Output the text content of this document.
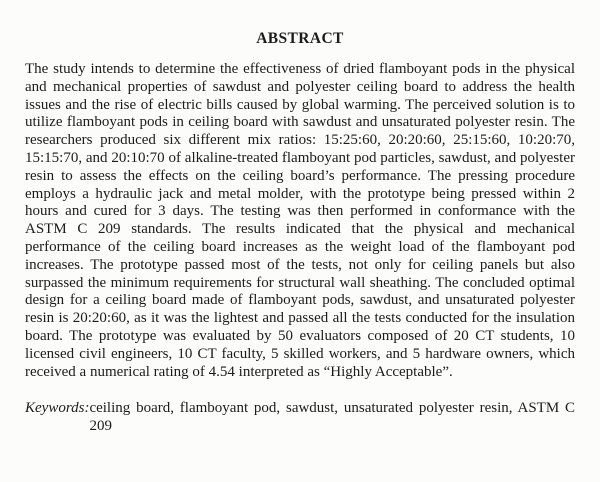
ABSTRACT

The study intends to determine the effectiveness of dried flamboyant pods in the physical and mechanical properties of sawdust and polyester ceiling board to address the health issues and the rise of electric bills caused by global warming. The perceived solution is to utilize flamboyant pods in ceiling board with sawdust and unsaturated polyester resin. The researchers produced six different mix ratios: 15:25:60, 20:20:60, 25:15:60, 10:20:70, 15:15:70, and 20:10:70 of alkaline-treated flamboyant pod particles, sawdust, and polyester resin to assess the effects on the ceiling board’s performance. The pressing procedure employs a hydraulic jack and metal molder, with the prototype being pressed within 2 hours and cured for 3 days. The testing was then performed in conformance with the ASTM C 209 standards. The results indicated that the physical and mechanical performance of the ceiling board increases as the weight load of the flamboyant pod increases. The prototype passed most of the tests, not only for ceiling panels but also surpassed the minimum requirements for structural wall sheathing. The concluded optimal design for a ceiling board made of flamboyant pods, sawdust, and unsaturated polyester resin is 20:20:60, as it was the lightest and passed all the tests conducted for the insulation board. The prototype was evaluated by 50 evaluators composed of 20 CT students, 10 licensed civil engineers, 10 CT faculty, 5 skilled workers, and 5 hardware owners, which received a numerical rating of 4.54 interpreted as “Highly Acceptable”.

Keywords: ceiling board, flamboyant pod, sawdust, unsaturated polyester resin, ASTM C 209
